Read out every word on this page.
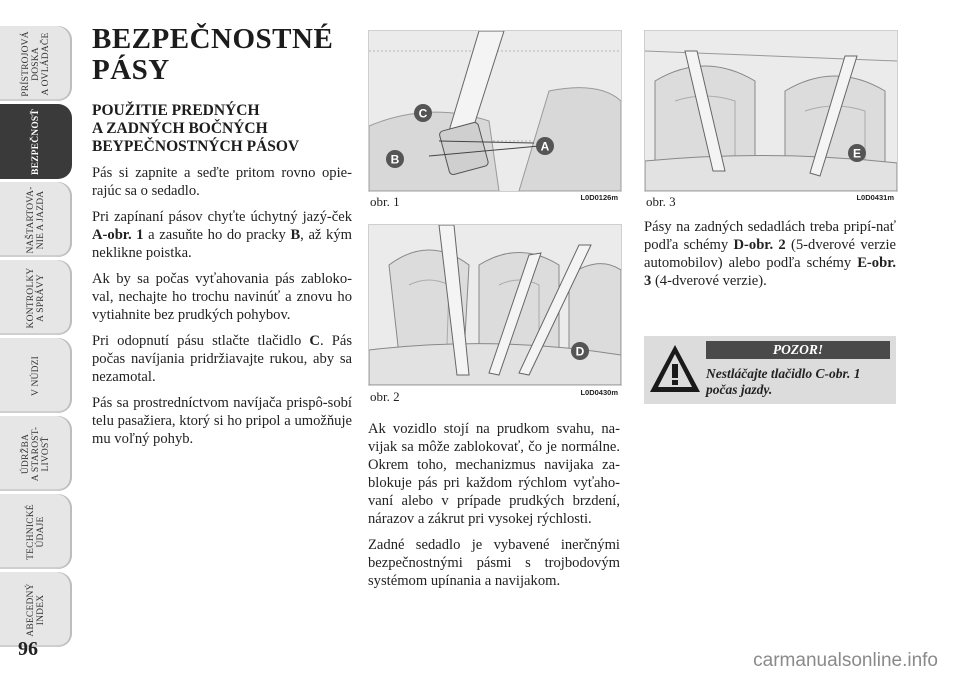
PRÍSTROJOVÁ
DOSKA
A OVLÁDAČE
BEZPEČNOSŤ
NAŠTARTOVA-
NIE A JAZDA
KONTROLKY
A SPRÁVY
V NÚDZI
ÚDRŽBA
A STAROST-
LIVOSŤ
TECHNICKÉ
ÚDAJE
ABECEDNÝ
INDEX
96
BEZPEČNOSTNÉ
PÁSY
POUŽITIE PREDNÝCH
A ZADNÝCH BOČNÝCH
BEYPEČNOSTNÝCH PÁSOV

Pás si zapnite a seďte pritom rovno opie-rajúc sa o sedadlo.

Pri zapínaní pásov chyťte úchytný jazý-ček A-obr. 1 a zasuňte ho do pracky B, až kým neklikne poistka.

Ak by sa počas vyťahovania pás zabloko-val, nechajte ho trochu navinúť a znovu ho vytiahnite bez prudkých pohybov.

Pri odopnutí pásu stlačte tlačidlo C. Pás počas navíjania pridržiavajte rukou, aby sa nezamotal.

Pás sa prostredníctvom navíjača prispô-sobí telu pasažiera, ktorý si ho pripol a umožňuje mu voľný pohyb.

C
A
B
obr. 1	L0D0126m
D
obr. 2	L0D0430m
E
obr. 3	L0D0431m

Ak vozidlo stojí na prudkom svahu, na-vijak sa môže zablokovať, čo je normálne. Okrem toho, mechanizmus navijaka za-blokuje pás pri každom rýchlom vyťaho-vaní alebo v prípade prudkých brzdení, nárazov a zákrut pri vysokej rýchlosti.

Zadné sedadlo je vybavené inerčnými bezpečnostnými pásmi s trojbodovým systémom upínania a navijakom.

Pásy na zadných sedadlách treba pripí-nať podľa schémy D-obr. 2 (5-dverové verzie automobilov) alebo podľa schémy E-obr. 3 (4-dverové verzie).

POZOR!
Nestláčajte tlačidlo C-obr. 1 počas jazdy.
carmanualsonline.info
